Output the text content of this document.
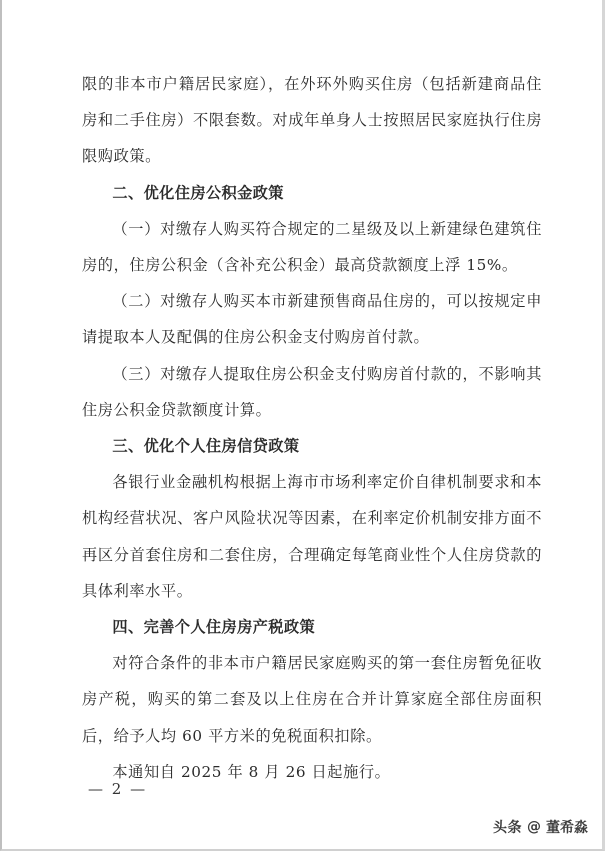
限的非本市户籍居民家庭），在外环外购买住房（包括新建商品住房和二手住房）不限套数。对成年单身人士按照居民家庭执行住房限购政策。

二、优化住房公积金政策

（一）对缴存人购买符合规定的二星级及以上新建绿色建筑住房的，住房公积金（含补充公积金）最高贷款额度上浮 15%。

（二）对缴存人购买本市新建预售商品住房的，可以按规定申请提取本人及配偶的住房公积金支付购房首付款。

（三）对缴存人提取住房公积金支付购房首付款的，不影响其住房公积金贷款额度计算。

三、优化个人住房信贷政策

各银行业金融机构根据上海市市场利率定价自律机制要求和本机构经营状况、客户风险状况等因素，在利率定价机制安排方面不再区分首套住房和二套住房，合理确定每笔商业性个人住房贷款的具体利率水平。

四、完善个人住房房产税政策

对符合条件的非本市户籍居民家庭购买的第一套住房暂免征收房产税，购买的第二套及以上住房在合并计算家庭全部住房面积后，给予人均 60 平方米的免税面积扣除。

本通知自 2025 年 8 月 26 日起施行。

— 2 —
头条 @ 董希淼
